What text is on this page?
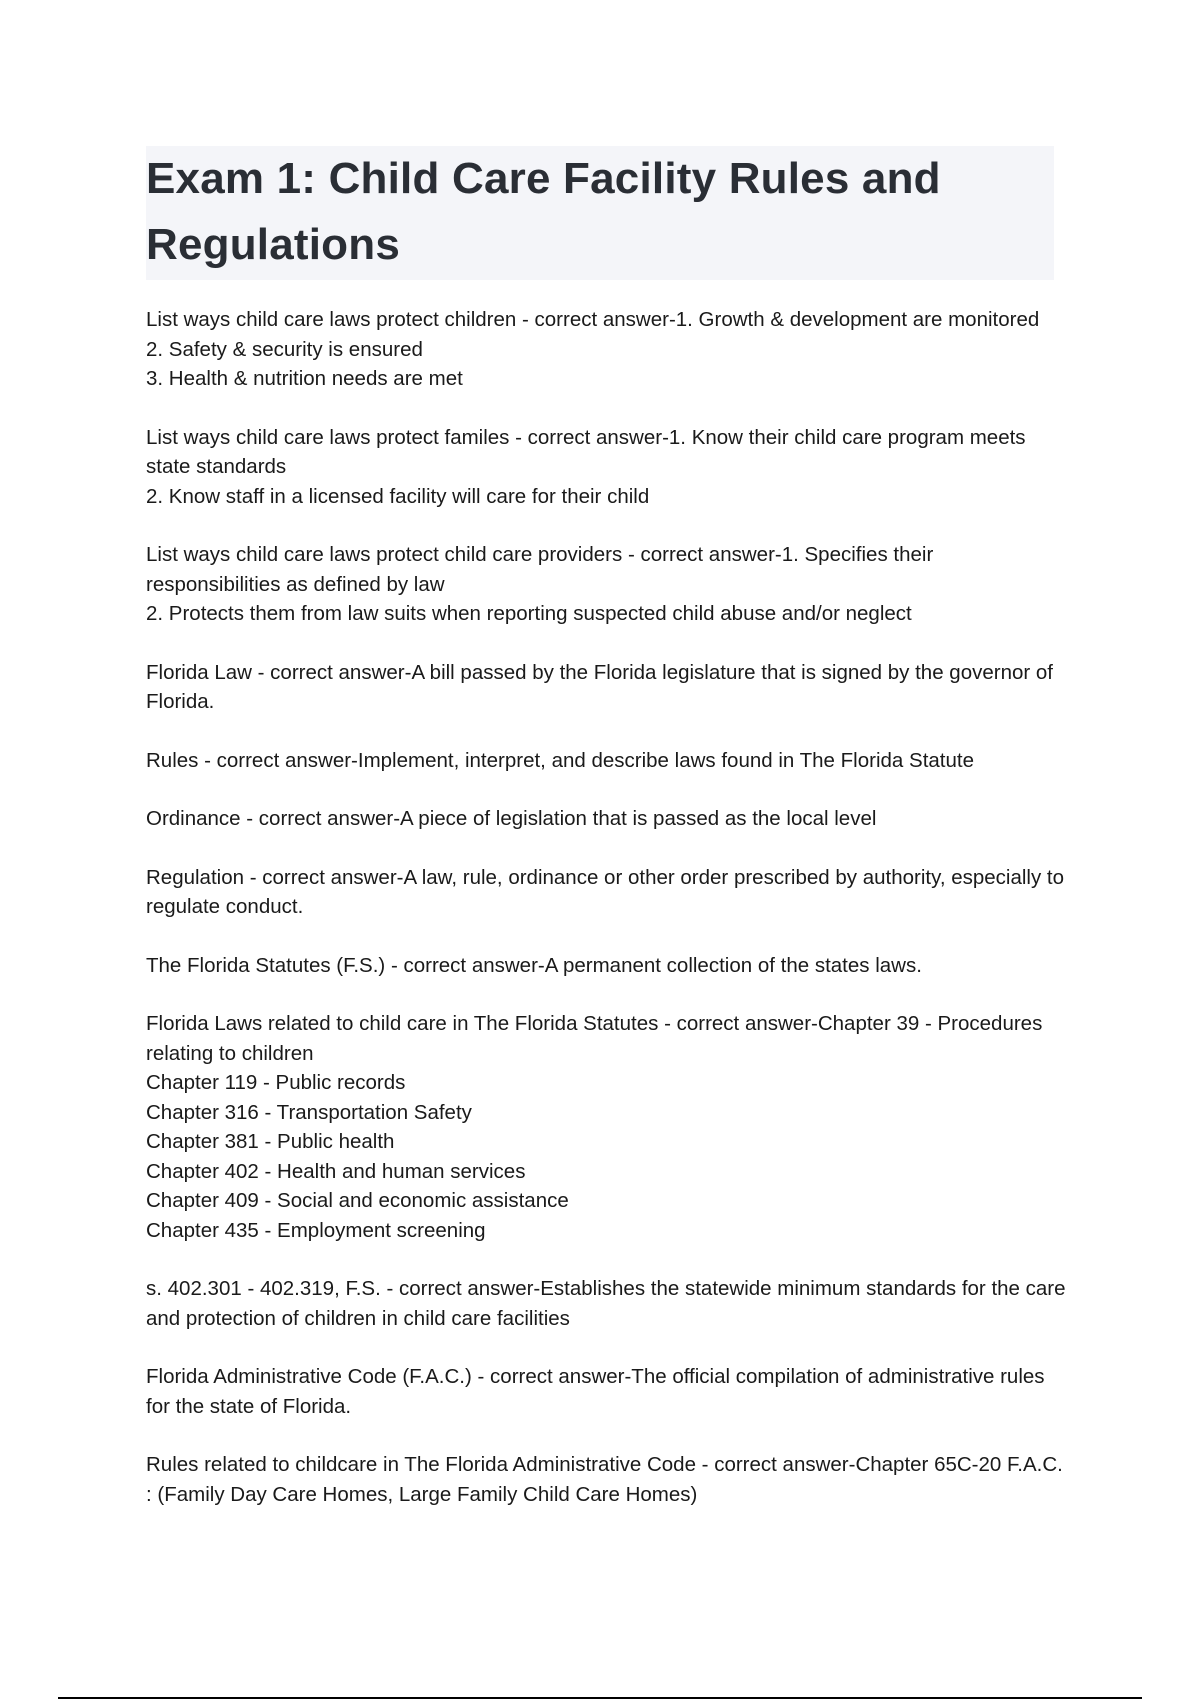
Exam 1: Child Care Facility Rules and Regulations
List ways child care laws protect children - correct answer-1. Growth & development are monitored
2. Safety & security is ensured
3. Health & nutrition needs are met
List ways child care laws protect familes - correct answer-1. Know their child care program meets state standards
2. Know staff in a licensed facility will care for their child
List ways child care laws protect child care providers - correct answer-1. Specifies their responsibilities as defined by law
2. Protects them from law suits when reporting suspected child abuse and/or neglect
Florida Law - correct answer-A bill passed by the Florida legislature that is signed by the governor of Florida.
Rules - correct answer-Implement, interpret, and describe laws found in The Florida Statute
Ordinance - correct answer-A piece of legislation that is passed as the local level
Regulation - correct answer-A law, rule, ordinance or other order prescribed by authority, especially to regulate conduct.
The Florida Statutes (F.S.) - correct answer-A permanent collection of the states laws.
Florida Laws related to child care in The Florida Statutes - correct answer-Chapter 39 - Procedures relating to children
Chapter 119 - Public records
Chapter 316 - Transportation Safety
Chapter 381 - Public health
Chapter 402 - Health and human services
Chapter 409 - Social and economic assistance
Chapter 435 - Employment screening
s. 402.301 - 402.319, F.S. - correct answer-Establishes the statewide minimum standards for the care and protection of children in child care facilities
Florida Administrative Code (F.A.C.) - correct answer-The official compilation of administrative rules for the state of Florida.
Rules related to childcare in The Florida Administrative Code - correct answer-Chapter 65C-20 F.A.C. : (Family Day Care Homes, Large Family Child Care Homes)
